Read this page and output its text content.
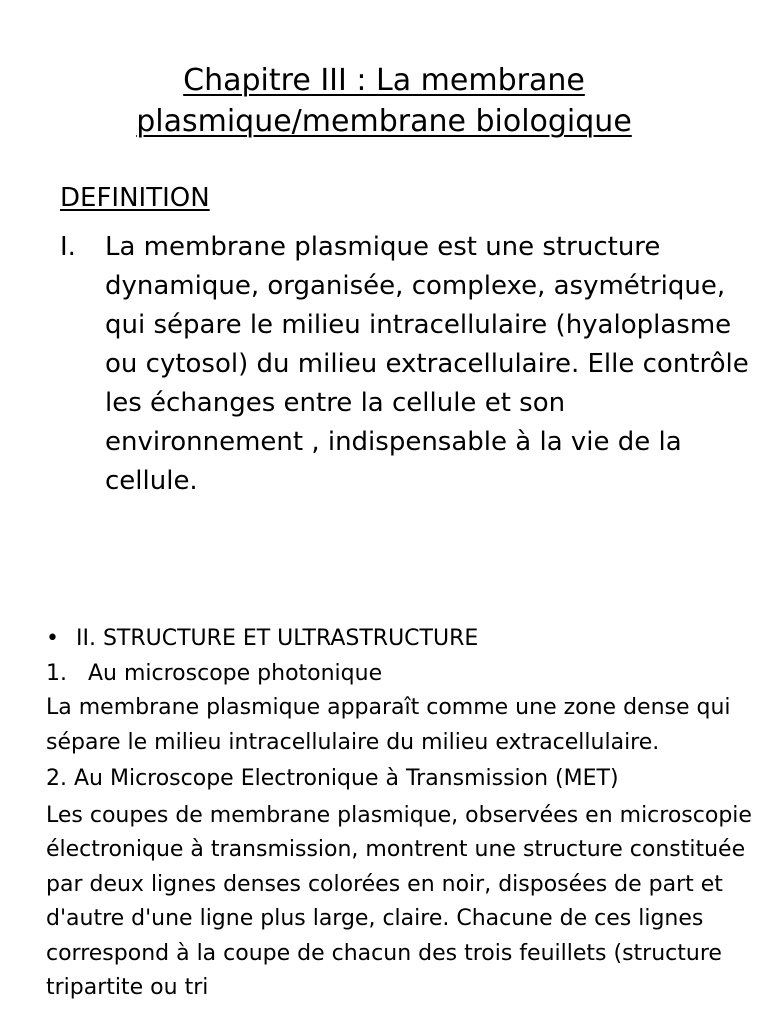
Chapitre III : La membrane
plasmique/membrane biologique
DEFINITION
I. La membrane plasmique est une structure dynamique, organisée, complexe, asymétrique, qui sépare le milieu intracellulaire (hyaloplasme ou cytosol) du milieu extracellulaire. Elle contrôle les échanges entre la cellule et son environnement , indispensable à la vie de la cellule.
• II. STRUCTURE ET ULTRASTRUCTURE
1. Au microscope photonique
La membrane plasmique apparaît comme une zone dense qui sépare le milieu intracellulaire du milieu extracellulaire.
2. Au Microscope Electronique à Transmission (MET)
Les coupes de membrane plasmique, observées en microscopie électronique à transmission, montrent une structure constituée par deux lignes denses colorées en noir, disposées de part et d'autre d'une ligne plus large, claire. Chacune de ces lignes correspond à la coupe de chacun des trois feuillets (structure tripartite ou tri
